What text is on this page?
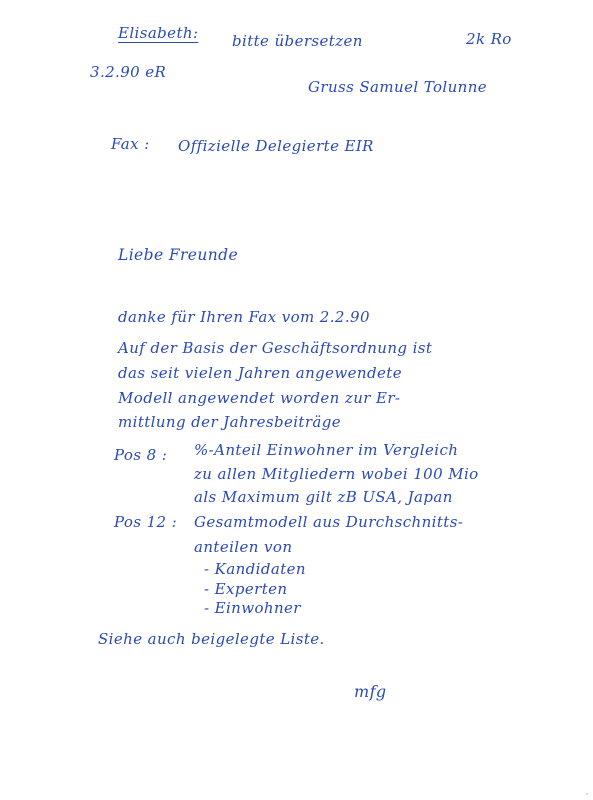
Elisabeth: bitte übersetzen	2k Ro
3.2.90 eR
Gruss Samuel Tolunne
Fax : Offizielle Delegierte EIR
Liebe Freunde
danke für Ihren Fax vom 2.2.90
Auf der Basis der Geschäftsordnung ist
das seit vielen Jahren angewendete
Modell angewendet worden zur Er-
mittlung der Jahresbeiträge
Pos 8 : %-Anteil Einwohner im Vergleich
zu allen Mitgliedern wobei 100 Mio
als Maximum gilt zB USA, Japan
Pos 12 : Gesamtmodell aus Durchschnitts-
anteilen von
- Kandidaten
- Experten
- Einwohner
Siehe auch beigelegte Liste.
mfg
